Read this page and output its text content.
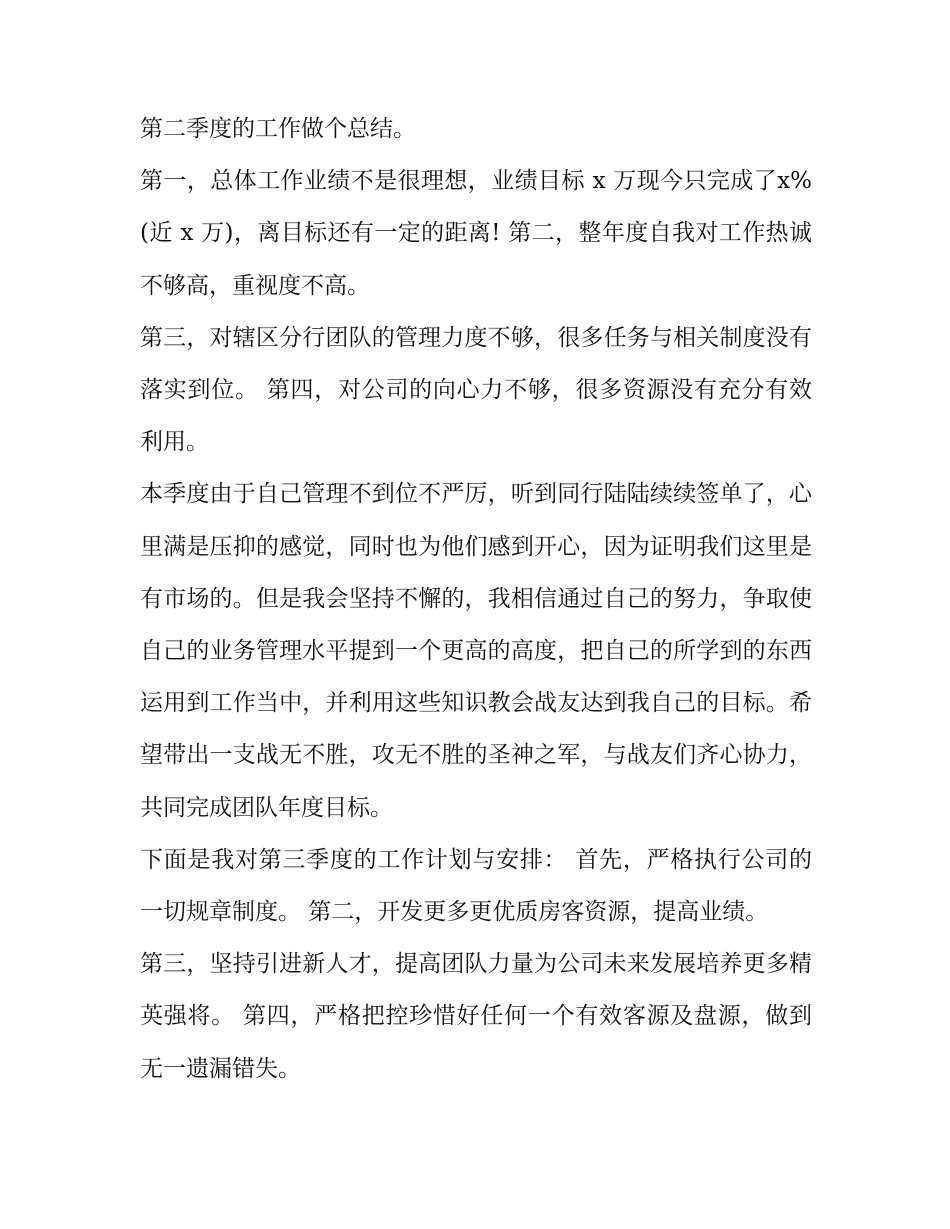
第二季度的工作做个总结。

第一，总体工作业绩不是很理想，业绩目标 x 万现今只完成了x%(近 x 万)，离目标还有一定的距离! 第二，整年度自我对工作热诚不够高，重视度不高。

第三，对辖区分行团队的管理力度不够，很多任务与相关制度没有落实到位。 第四，对公司的向心力不够，很多资源没有充分有效利用。

本季度由于自己管理不到位不严厉，听到同行陆陆续续签单了，心里满是压抑的感觉，同时也为他们感到开心，因为证明我们这里是有市场的。但是我会坚持不懈的，我相信通过自己的努力，争取使自己的业务管理水平提到一个更高的高度，把自己的所学到的东西运用到工作当中，并利用这些知识教会战友达到我自己的目标。希望带出一支战无不胜，攻无不胜的圣神之军，与战友们齐心协力，共同完成团队年度目标。

下面是我对第三季度的工作计划与安排： 首先，严格执行公司的一切规章制度。 第二，开发更多更优质房客资源，提高业绩。

第三，坚持引进新人才，提高团队力量为公司未来发展培养更多精英强将。 第四，严格把控珍惜好任何一个有效客源及盘源，做到无一遗漏错失。
